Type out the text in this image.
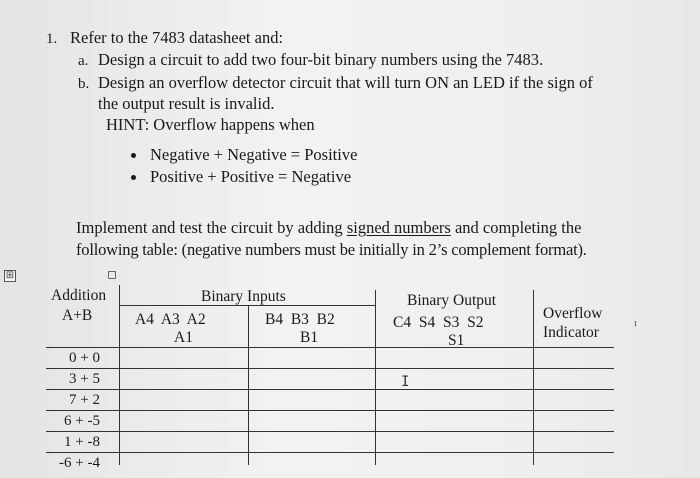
1. Refer to the 7483 datasheet and:
a. Design a circuit to add two four-bit binary numbers using the 7483.
b. Design an overflow detector circuit that will turn ON an LED if the sign of
the output result is invalid.
HINT: Overflow happens when
Negative + Negative = Positive
Positive + Positive = Negative
Implement and test the circuit by adding signed numbers and completing the
following table: (negative numbers must be initially in 2’s complement format).
⊞
Addition
A+B
Binary Inputs
A4  A3  A2
A1
B4  B3  B2
B1
Binary Output
C4  S4  S3  S2
S1
Overflow
Indicator
ı
0 + 0
3 + 5
7 + 2
6 + -5
1 + -8
-6 + -4
I
